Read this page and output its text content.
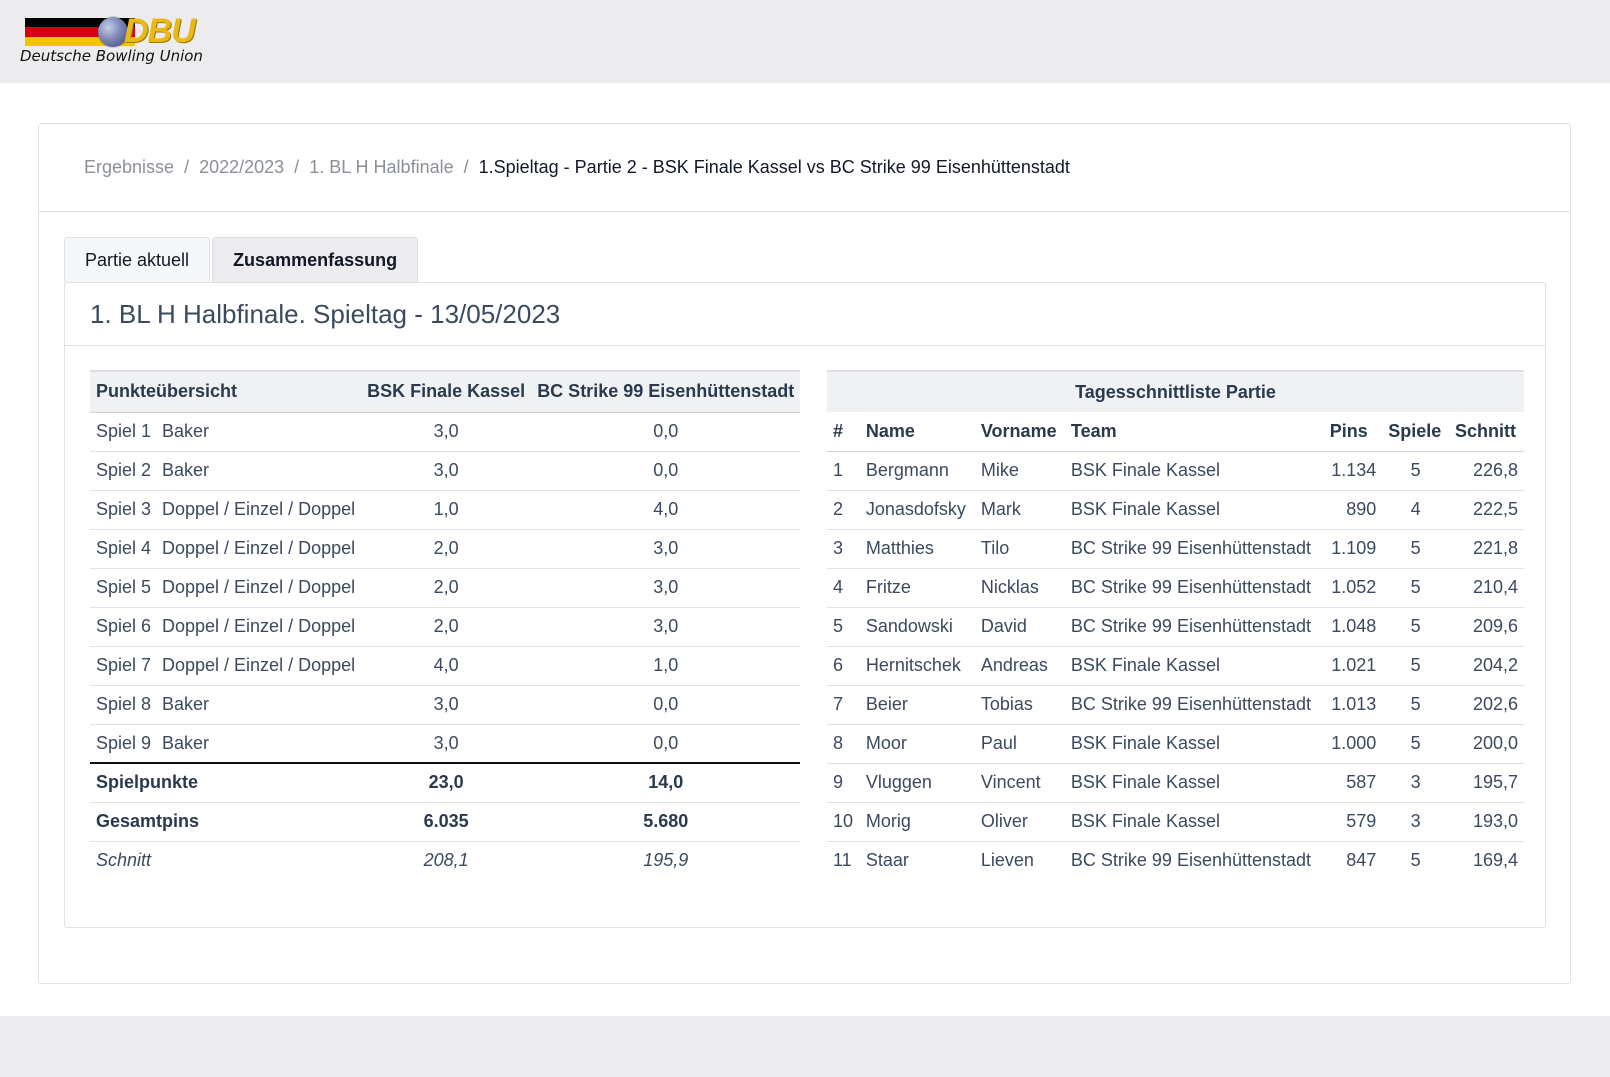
DBU
Deutsche Bowling Union
Ergebnisse / 2022/2023 / 1. BL H Halbfinale / 1.Spieltag - Partie 2 - BSK Finale Kassel vs BC Strike 99 Eisenhüttenstadt
Partie aktuell	Zusammenfassung
1. BL H Halbfinale. Spieltag - 13/05/2023
Punkteübersicht	BSK Finale Kassel	BC Strike 99 Eisenhüttenstadt
Spiel 1 Baker	3,0	0,0
Spiel 2 Baker	3,0	0,0
Spiel 3 Doppel / Einzel / Doppel	1,0	4,0
Spiel 4 Doppel / Einzel / Doppel	2,0	3,0
Spiel 5 Doppel / Einzel / Doppel	2,0	3,0
Spiel 6 Doppel / Einzel / Doppel	2,0	3,0
Spiel 7 Doppel / Einzel / Doppel	4,0	1,0
Spiel 8 Baker	3,0	0,0
Spiel 9 Baker	3,0	0,0
Spielpunkte	23,0	14,0
Gesamtpins	6.035	5.680
Schnitt	208,1	195,9
Tagesschnittliste Partie						
#	Name	Vorname	Team	Pins	Spiele	Schnitt
1	Bergmann	Mike	BSK Finale Kassel	1.134	5	226,8
2	Jonasdofsky	Mark	BSK Finale Kassel	890	4	222,5
3	Matthies	Tilo	BC Strike 99 Eisenhüttenstadt	1.109	5	221,8
4	Fritze	Nicklas	BC Strike 99 Eisenhüttenstadt	1.052	5	210,4
5	Sandowski	David	BC Strike 99 Eisenhüttenstadt	1.048	5	209,6
6	Hernitschek	Andreas	BSK Finale Kassel	1.021	5	204,2
7	Beier	Tobias	BC Strike 99 Eisenhüttenstadt	1.013	5	202,6
8	Moor	Paul	BSK Finale Kassel	1.000	5	200,0
9	Vluggen	Vincent	BSK Finale Kassel	587	3	195,7
10	Morig	Oliver	BSK Finale Kassel	579	3	193,0
11	Staar	Lieven	BC Strike 99 Eisenhüttenstadt	847	5	169,4
